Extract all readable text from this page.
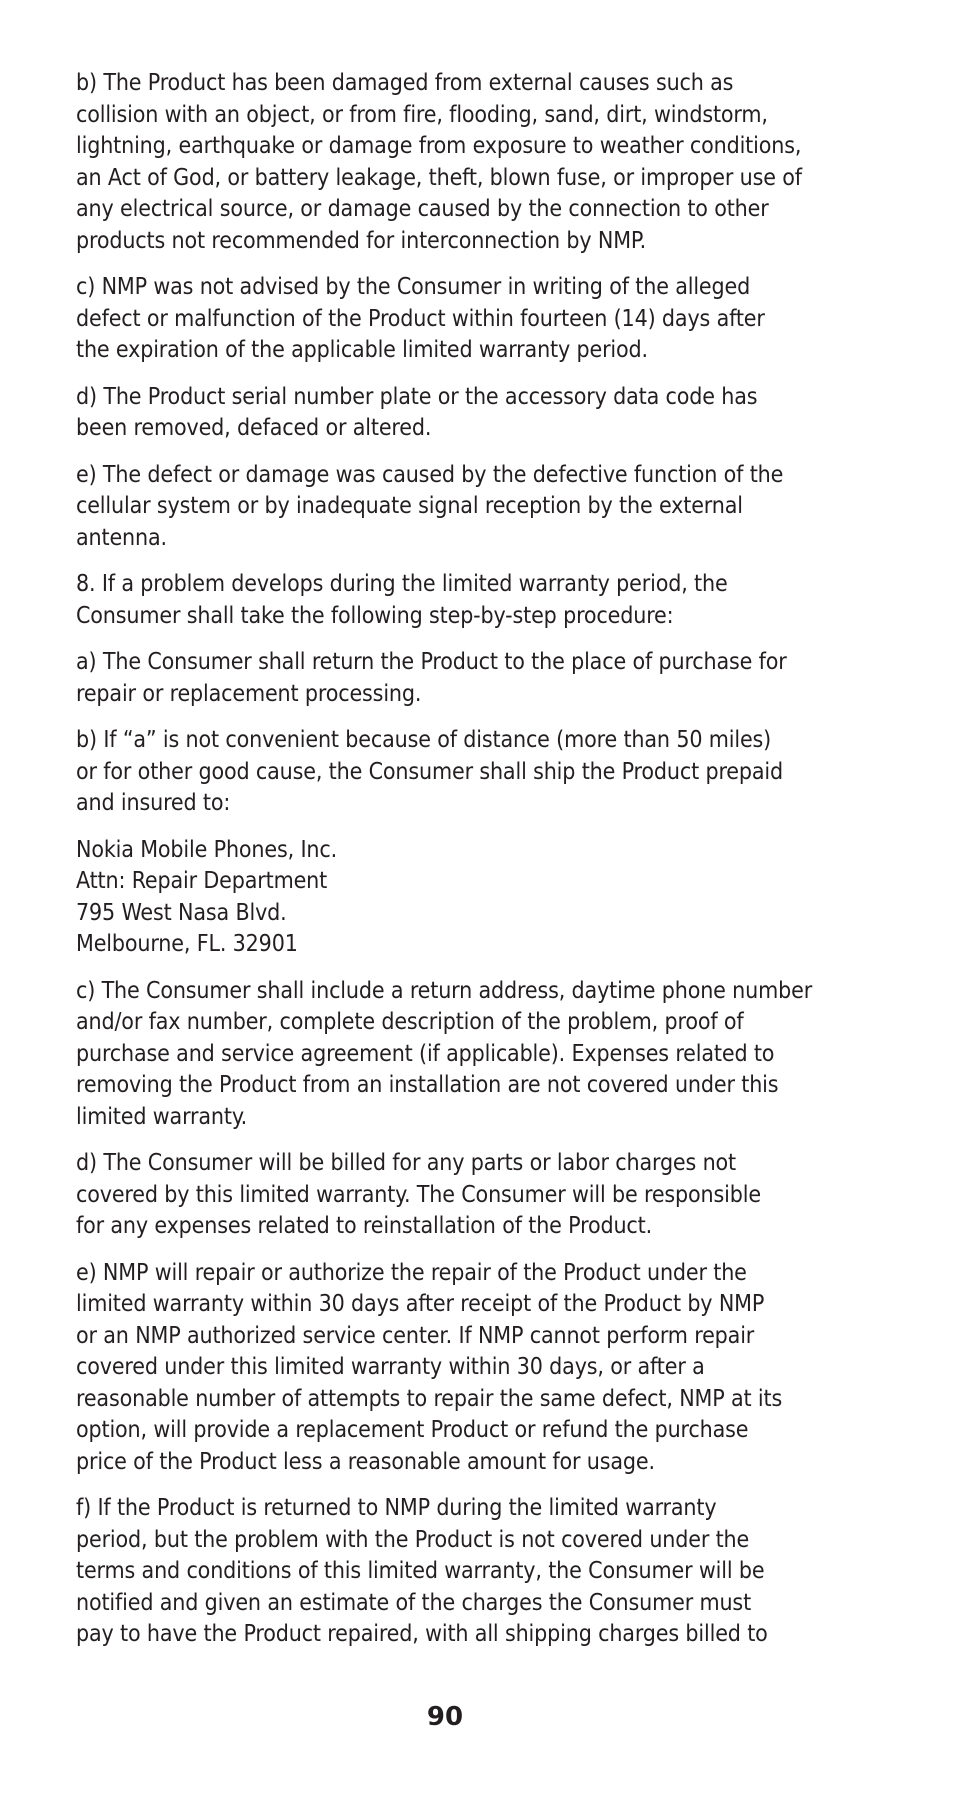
b) The Product has been damaged from external causes such as
collision with an object, or from fire, flooding, sand, dirt, windstorm,
lightning, earthquake or damage from exposure to weather conditions,
an Act of God, or battery leakage, theft, blown fuse, or improper use of
any electrical source, or damage caused by the connection to other
products not recommended for interconnection by NMP.

c) NMP was not advised by the Consumer in writing of the alleged
defect or malfunction of the Product within fourteen (14) days after
the expiration of the applicable limited warranty period.

d) The Product serial number plate or the accessory data code has
been removed, defaced or altered.

e) The defect or damage was caused by the defective function of the
cellular system or by inadequate signal reception by the external
antenna.

8. If a problem develops during the limited warranty period, the
Consumer shall take the following step-by-step procedure:

a) The Consumer shall return the Product to the place of purchase for
repair or replacement processing.

b) If “a” is not convenient because of distance (more than 50 miles)
or for other good cause, the Consumer shall ship the Product prepaid
and insured to:

Nokia Mobile Phones, Inc.
Attn: Repair Department
795 West Nasa Blvd.
Melbourne, FL. 32901

c) The Consumer shall include a return address, daytime phone number
and/or fax number, complete description of the problem, proof of
purchase and service agreement (if applicable). Expenses related to
removing the Product from an installation are not covered under this
limited warranty.

d) The Consumer will be billed for any parts or labor charges not
covered by this limited warranty. The Consumer will be responsible
for any expenses related to reinstallation of the Product.

e) NMP will repair or authorize the repair of the Product under the
limited warranty within 30 days after receipt of the Product by NMP
or an NMP authorized service center. If NMP cannot perform repair
covered under this limited warranty within 30 days, or after a
reasonable number of attempts to repair the same defect, NMP at its
option, will provide a replacement Product or refund the purchase
price of the Product less a reasonable amount for usage.

f) If the Product is returned to NMP during the limited warranty
period, but the problem with the Product is not covered under the
terms and conditions of this limited warranty, the Consumer will be
notified and given an estimate of the charges the Consumer must
pay to have the Product repaired, with all shipping charges billed to

90
